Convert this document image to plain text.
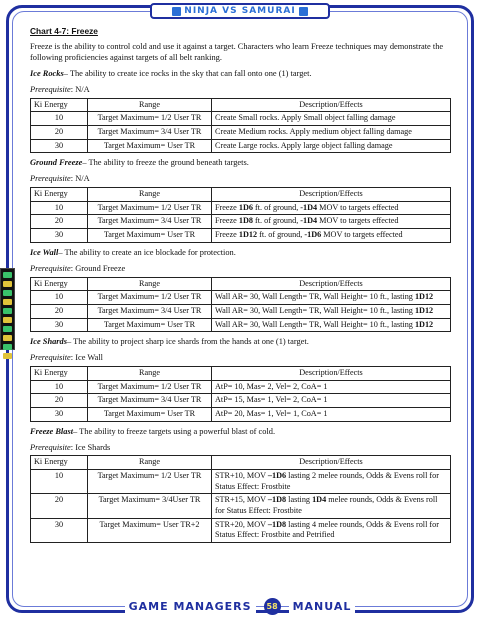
NINJA VS SAMURAI
Chart 4-7: Freeze
Freeze is the ability to control cold and use it against a target. Characters who learn Freeze techniques may demonstrate the following proficiencies against targets of all belt ranking.
Ice Rocks– The ability to create ice rocks in the sky that can fall onto one (1) target.
Prerequisite: N/A
Ki Energy	Range	Description/Effects
10	Target Maximum= 1/2 User TR	Create Small rocks. Apply Small object falling damage
20	Target Maximum= 3/4 User TR	Create Medium rocks. Apply medium object falling damage
30	Target Maximum= User TR	Create Large rocks. Apply large object falling damage
Ground Freeze– The ability to freeze the ground beneath targets.
Prerequisite: N/A
Ki Energy	Range	Description/Effects
10	Target Maximum= 1/2 User TR	Freeze 1D6 ft. of ground, -1D4 MOV to targets effected
20	Target Maximum= 3/4 User TR	Freeze 1D8 ft. of ground, -1D4 MOV to targets effected
30	Target Maximum= User TR	Freeze 1D12 ft. of ground, -1D6 MOV to targets effected
Ice Wall– The ability to create an ice blockade for protection.
Prerequisite: Ground Freeze
Ki Energy	Range	Description/Effects
10	Target Maximum= 1/2 User TR	Wall AR= 30, Wall Length= TR, Wall Height= 10 ft., lasting 1D12
20	Target Maximum= 3/4 User TR	Wall AR= 30, Wall Length= TR, Wall Height= 10 ft., lasting 1D12
30	Target Maximum= User TR	Wall AR= 30, Wall Length= TR, Wall Height= 10 ft., lasting 1D12
Ice Shards– The ability to project sharp ice shards from the hands at one (1) target.
Prerequisite: Ice Wall
Ki Energy	Range	Description/Effects
10	Target Maximum= 1/2 User TR	AtP= 10, Mas= 2, Vel= 2, CoA= 1
20	Target Maximum= 3/4 User TR	AtP= 15, Mas= 1, Vel= 2, CoA= 1
30	Target Maximum= User TR	AtP= 20, Mas= 1, Vel= 1, CoA= 1
Freeze Blast– The ability to freeze targets using a powerful blast of cold.
Prerequisite: Ice Shards
Ki Energy	Range	Description/Effects
10	Target Maximum= 1/2 User TR	STR+10, MOV –1D6 lasting 2 melee rounds, Odds & Evens roll for Status Effect: Frostbite
20	Target Maximum= 3/4User TR	STR+15, MOV –1D8 lasting 1D4 melee rounds, Odds & Evens roll for Status Effect: Frostbite
30	Target Maximum= User TR+2	STR+20, MOV –1D8 lasting 4 melee rounds, Odds & Evens roll for Status Effect: Frostbite and Petrified
GAME MANAGERS	58	MANUAL
